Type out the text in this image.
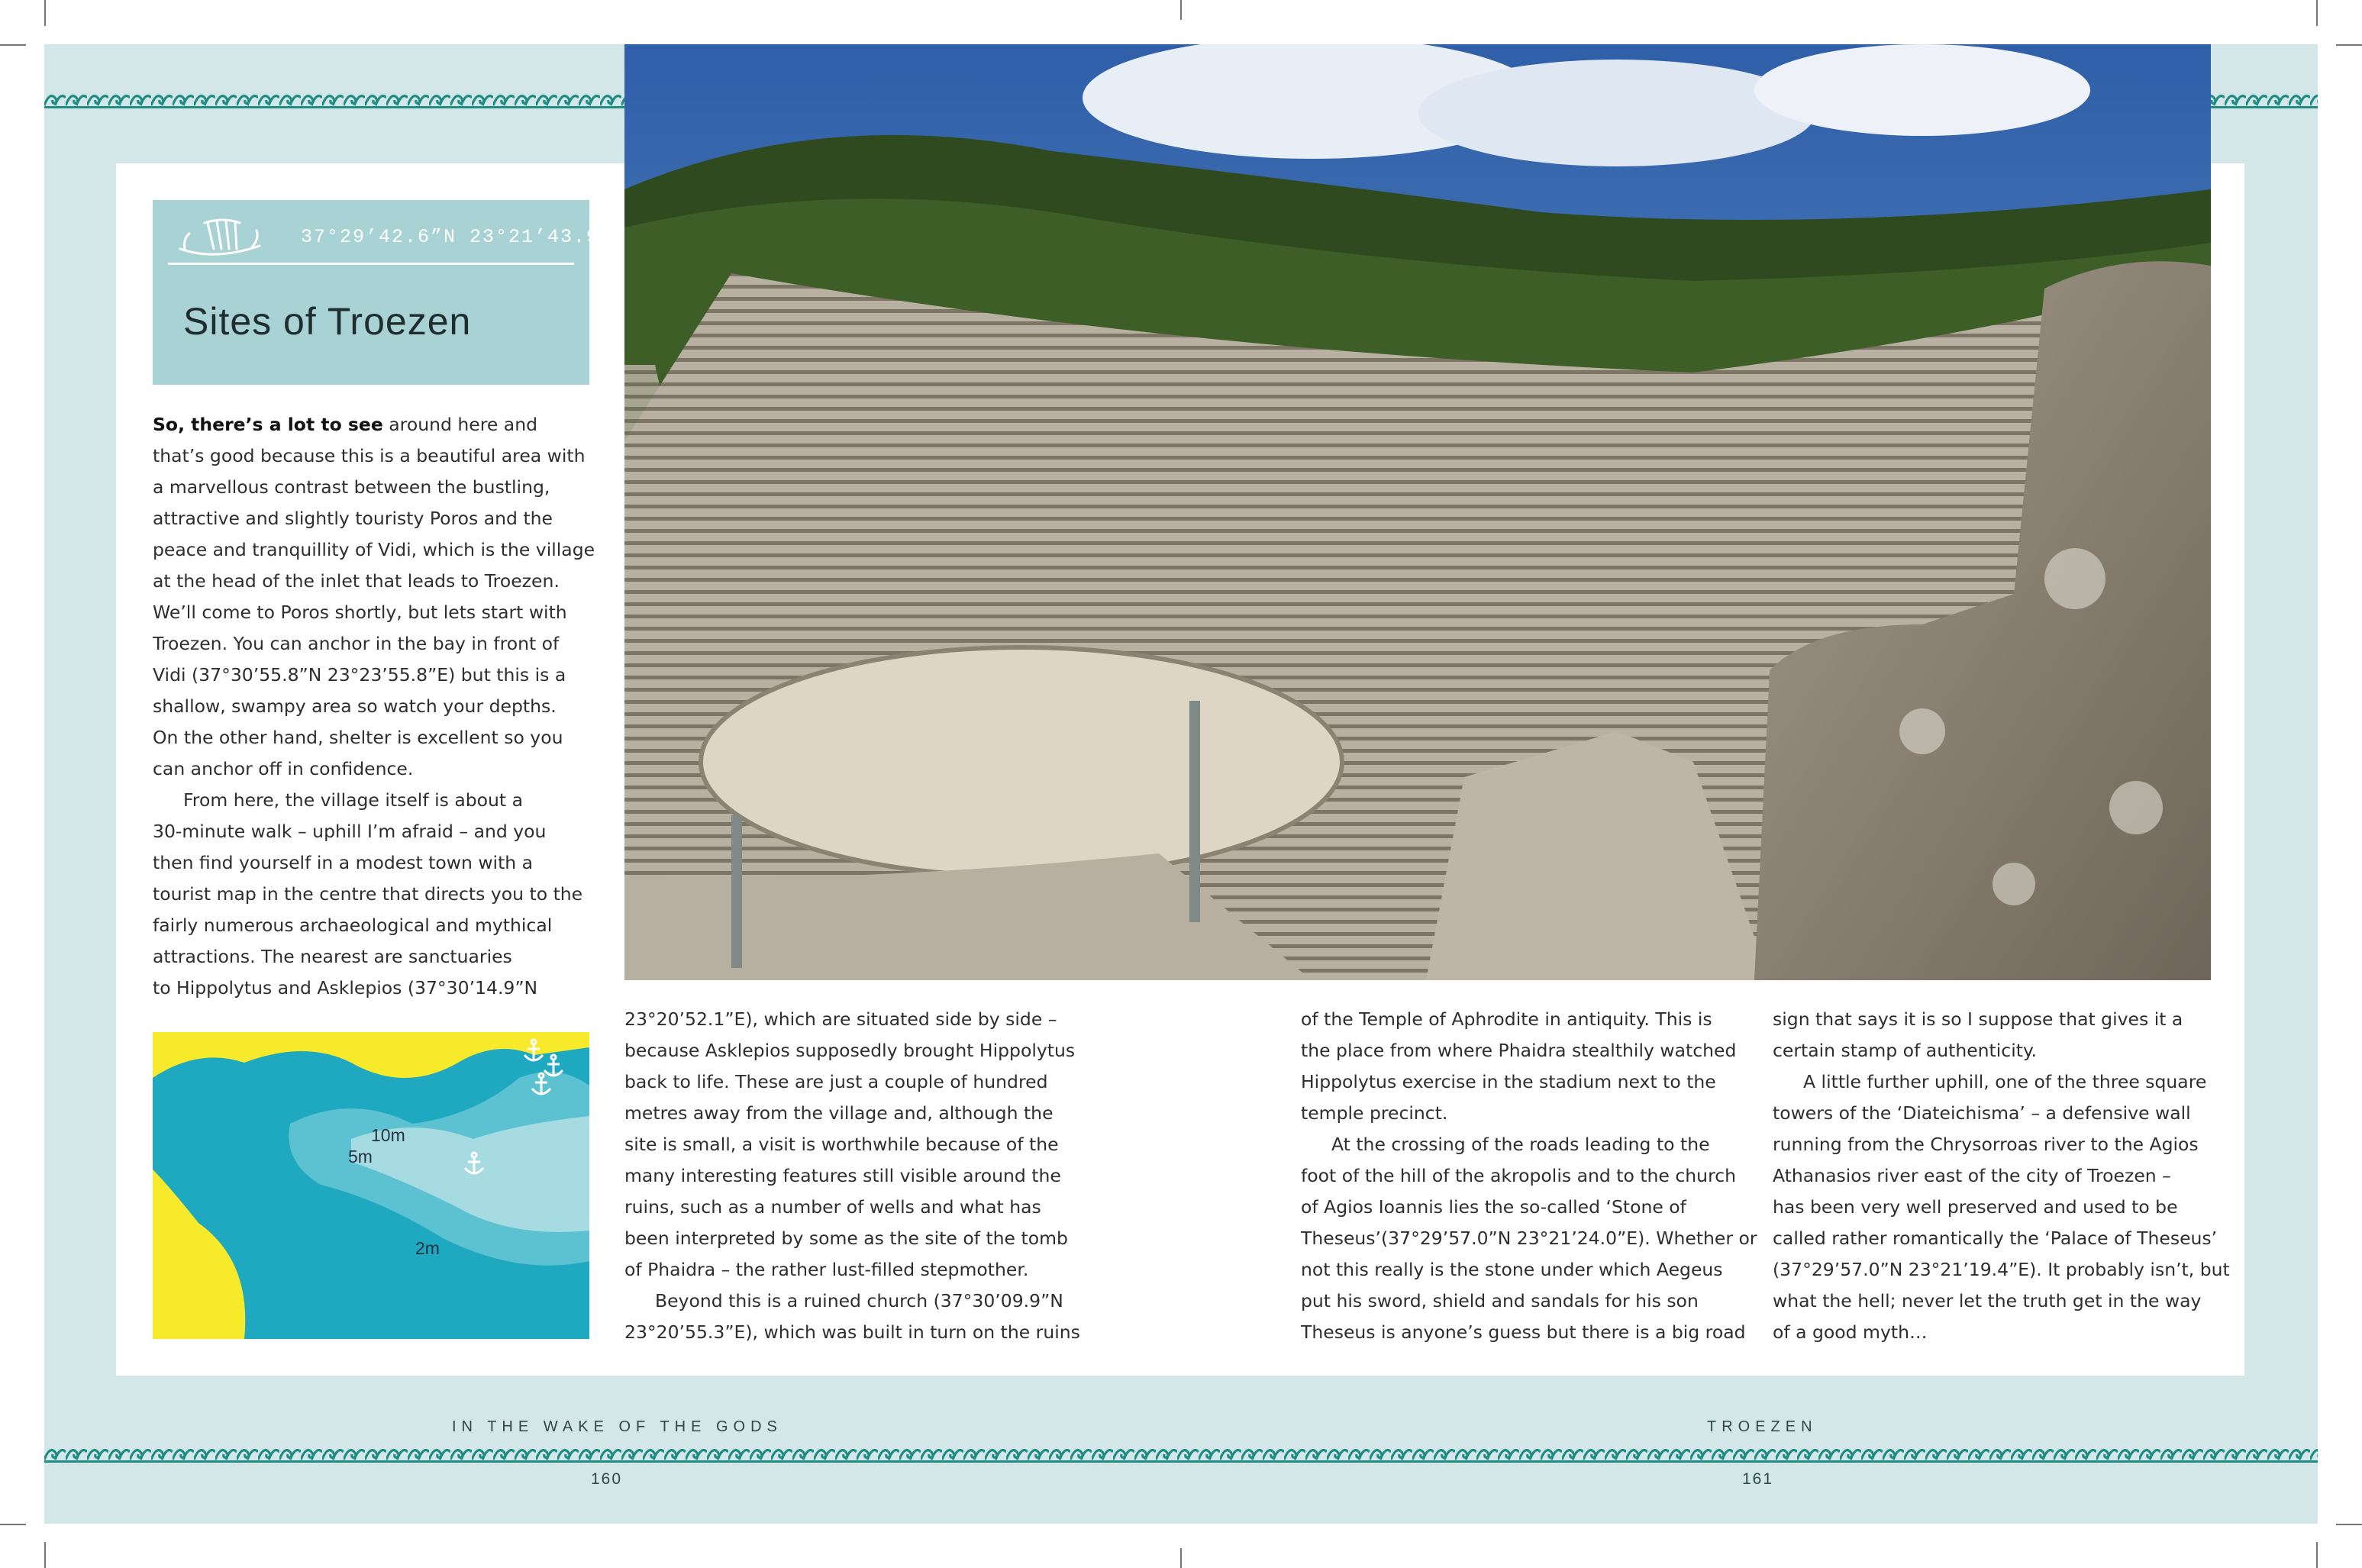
37°29’42.6”N 23°21’43.9”E
Sites of Troezen

So, there’s a lot to see around here and

that’s good because this is a beautiful area with

a marvellous contrast between the bustling,

attractive and slightly touristy Poros and the

peace and tranquillity of Vidi, which is the village

at the head of the inlet that leads to Troezen.

We’ll come to Poros shortly, but lets start with

Troezen. You can anchor in the bay in front of

Vidi (37°30’55.8”N 23°23’55.8”E) but this is a

shallow, swampy area so watch your depths.

On the other hand, shelter is excellent so you

can anchor off in confidence.

From here, the village itself is about a

30-minute walk – uphill I’m afraid – and you

then find yourself in a modest town with a

tourist map in the centre that directs you to the

fairly numerous archaeological and mythical

attractions. The nearest are sanctuaries

to Hippolytus and Asklepios (37°30’14.9”N

10m
5m
2m

23°20’52.1”E), which are situated side by side –

because Asklepios supposedly brought Hippolytus

back to life. These are just a couple of hundred

metres away from the village and, although the

site is small, a visit is worthwhile because of the

many interesting features still visible around the

ruins, such as a number of wells and what has

been interpreted by some as the site of the tomb

of Phaidra – the rather lust-filled stepmother.

Beyond this is a ruined church (37°30’09.9”N

23°20’55.3”E), which was built in turn on the ruins

of the Temple of Aphrodite in antiquity. This is

the place from where Phaidra stealthily watched

Hippolytus exercise in the stadium next to the

temple precinct.

At the crossing of the roads leading to the

foot of the hill of the akropolis and to the church

of Agios Ioannis lies the so-called ‘Stone of

Theseus’(37°29’57.0”N 23°21’24.0”E). Whether or

not this really is the stone under which Aegeus

put his sword, shield and sandals for his son

Theseus is anyone’s guess but there is a big road

sign that says it is so I suppose that gives it a

certain stamp of authenticity.

A little further uphill, one of the three square

towers of the ‘Diateichisma’ – a defensive wall

running from the Chrysorroas river to the Agios

Athanasios river east of the city of Troezen –

has been very well preserved and used to be

called rather romantically the ‘Palace of Theseus’

(37°29’57.0”N 23°21’19.4”E). It probably isn’t, but

what the hell; never let the truth get in the way

of a good myth…

IN THE WAKE OF THE GODS	TROEZEN
160	161
